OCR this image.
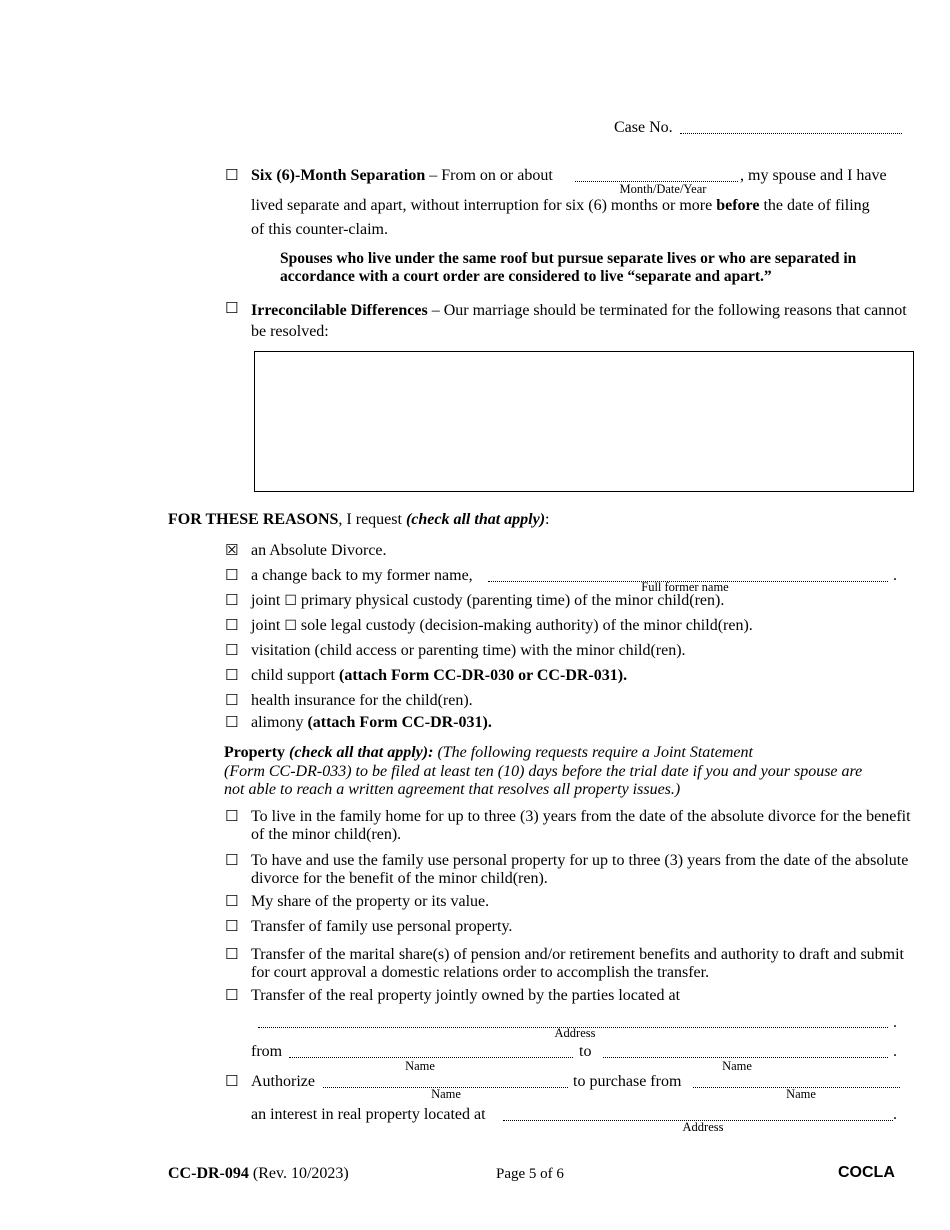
Case No.
☐ Six (6)-Month Separation – From on or about	, my spouse and I have
Month/Date/Year
lived separate and apart, without interruption for six (6) months or more before the date of filing
of this counter-claim.
Spouses who live under the same roof but pursue separate lives or who are separated in accordance with a court order are considered to live “separate and apart.”
☐ Irreconcilable Differences – Our marriage should be terminated for the following reasons that cannot be resolved:
FOR THESE REASONS, I request (check all that apply):
☒ an Absolute Divorce.
☐ a change back to my former name,	.
Full former name
☐ joint ☐ primary physical custody (parenting time) of the minor child(ren).
☐ joint ☐ sole legal custody (decision-making authority) of the minor child(ren).
☐ visitation (child access or parenting time) with the minor child(ren).
☐ child support (attach Form CC-DR-030 or CC-DR-031).
☐ health insurance for the child(ren).
☐ alimony (attach Form CC-DR-031).
Property (check all that apply): (The following requests require a Joint Statement
(Form CC-DR-033) to be filed at least ten (10) days before the trial date if you and your spouse are
not able to reach a written agreement that resolves all property issues.)
☐ To live in the family home for up to three (3) years from the date of the absolute divorce for the benefit of the minor child(ren).
☐ To have and use the family use personal property for up to three (3) years from the date of the absolute divorce for the benefit of the minor child(ren).
☐ My share of the property or its value.
☐ Transfer of family use personal property.
☐ Transfer of the marital share(s) of pension and/or retirement benefits and authority to draft and submit for court approval a domestic relations order to accomplish the transfer.
☐ Transfer of the real property jointly owned by the parties located at
.
Address
from	to	.
Name	Name
☐ Authorize	to purchase from
Name	Name
an interest in real property located at	.
Address
CC-DR-094 (Rev. 10/2023)	Page 5 of 6	COCLA
